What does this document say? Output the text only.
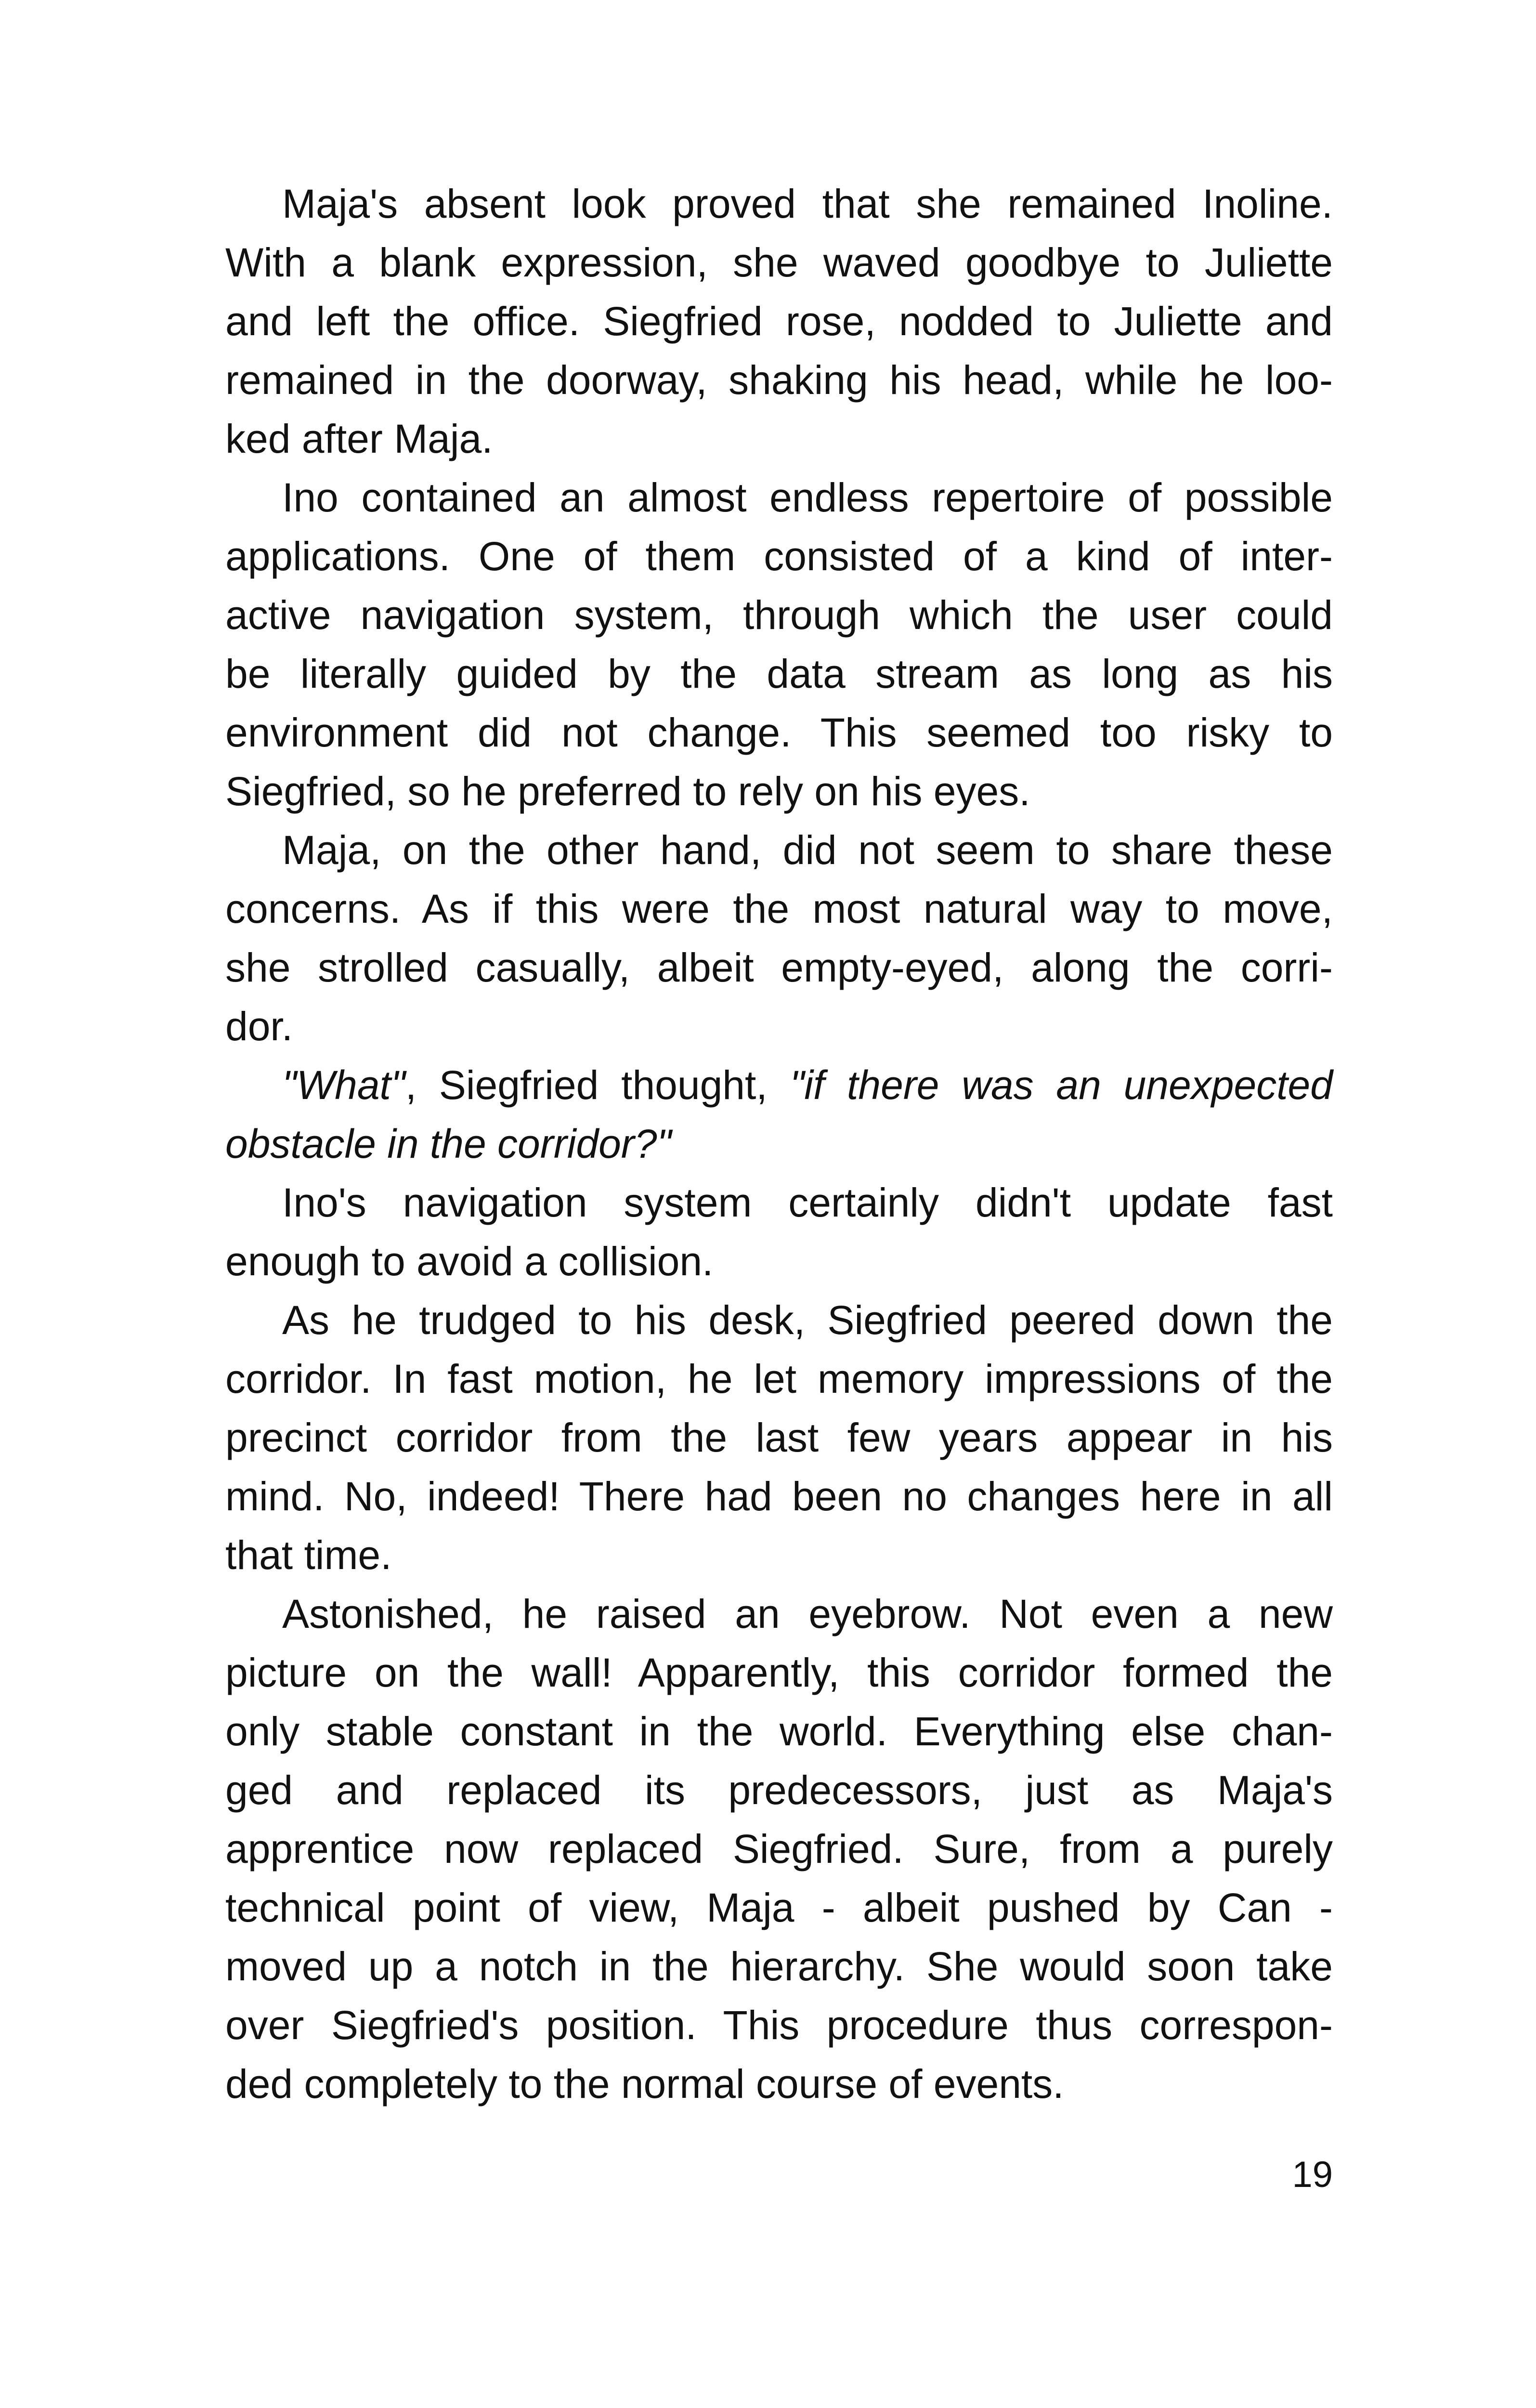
Maja's absent look proved that she remained Inoline.
With a blank expression, she waved goodbye to Juliette
and left the office. Siegfried rose, nodded to Juliette and
remained in the doorway, shaking his head, while he loo-
ked after Maja.
Ino contained an almost endless repertoire of possible
applications. One of them consisted of a kind of inter-
active navigation system, through which the user could
be literally guided by the data stream as long as his
environment did not change. This seemed too risky to
Siegfried, so he preferred to rely on his eyes.
Maja, on the other hand, did not seem to share these
concerns. As if this were the most natural way to move,
she strolled casually, albeit empty-eyed, along the corri-
dor.
"What", Siegfried thought, "if there was an unexpected
obstacle in the corridor?"
Ino's navigation system certainly didn't update fast
enough to avoid a collision.
As he trudged to his desk, Siegfried peered down the
corridor. In fast motion, he let memory impressions of the
precinct corridor from the last few years appear in his
mind. No, indeed! There had been no changes here in all
that time.
Astonished, he raised an eyebrow. Not even a new
picture on the wall! Apparently, this corridor formed the
only stable constant in the world. Everything else chan-
ged and replaced its predecessors, just as Maja's
apprentice now replaced Siegfried. Sure, from a purely
technical point of view, Maja - albeit pushed by Can -
moved up a notch in the hierarchy. She would soon take
over Siegfried's position. This procedure thus correspon-
ded completely to the normal course of events.
19
